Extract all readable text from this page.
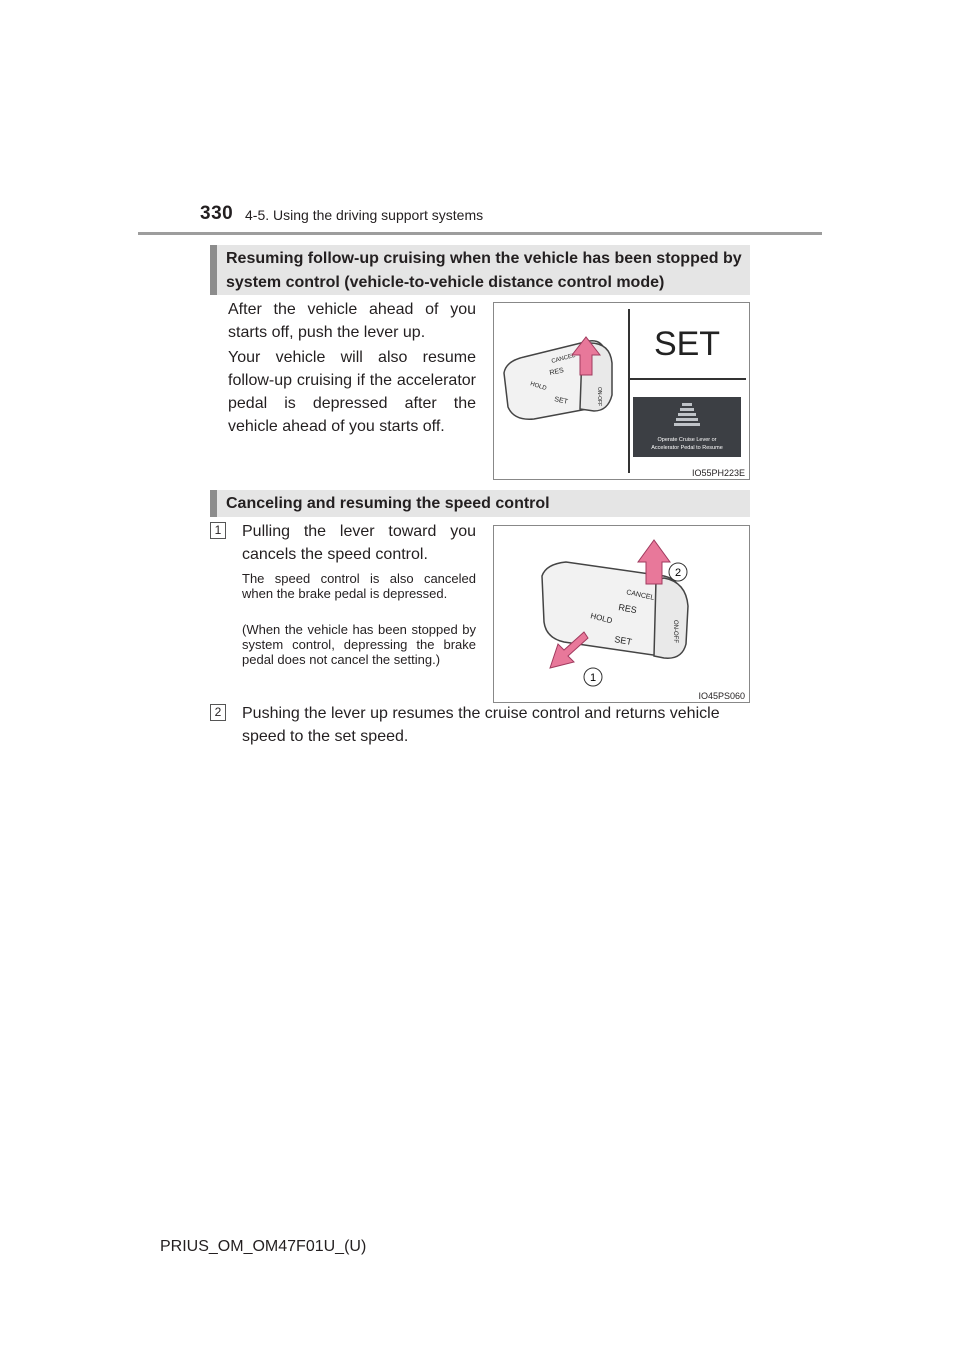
330 4-5. Using the driving support systems
Resuming follow-up cruising when the vehicle has been stopped by system control (vehicle-to-vehicle distance control mode)
After the vehicle ahead of you starts off, push the lever up.
Your vehicle will also resume follow-up cruising if the accelerator pedal is depressed after the vehicle ahead of you starts off.
CANCEL
RES
HOLD
SET	ON-OFF
SET
Operate Cruise Lever or
Accelerator Pedal to Resume
IO55PH223E
Canceling and resuming the speed control
1 Pulling the lever toward you cancels the speed control.
The speed control is also canceled when the brake pedal is depressed.
(When the vehicle has been stopped by system control, depressing the brake pedal does not cancel the setting.)
CANCEL
RES
HOLD
SET	ON-OFF
2
1
IO45PS060
2 Pushing the lever up resumes the cruise control and returns vehicle speed to the set speed.
PRIUS_OM_OM47F01U_(U)
